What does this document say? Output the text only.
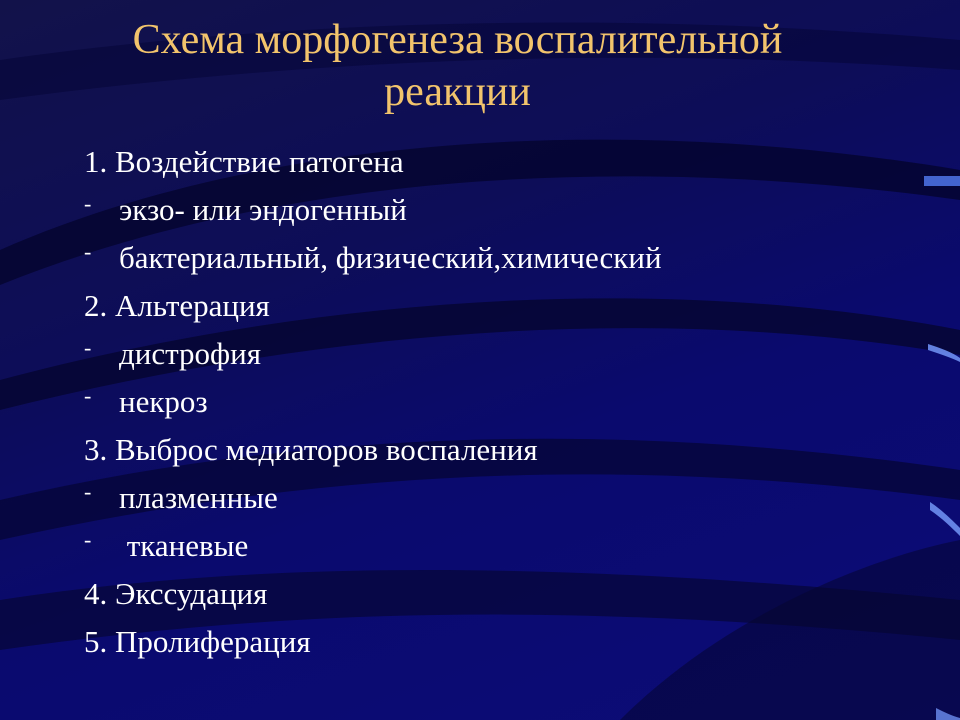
Схема морфогенеза воспалительной
реакции
1. Воздействие патогена
- экзо- или эндогенный
- бактериальный, физический,химический
2. Альтерация
- дистрофия
- некроз
3. Выброс медиаторов воспаления
- плазменные
- тканевые
4. Экссудация
5. Пролиферация
